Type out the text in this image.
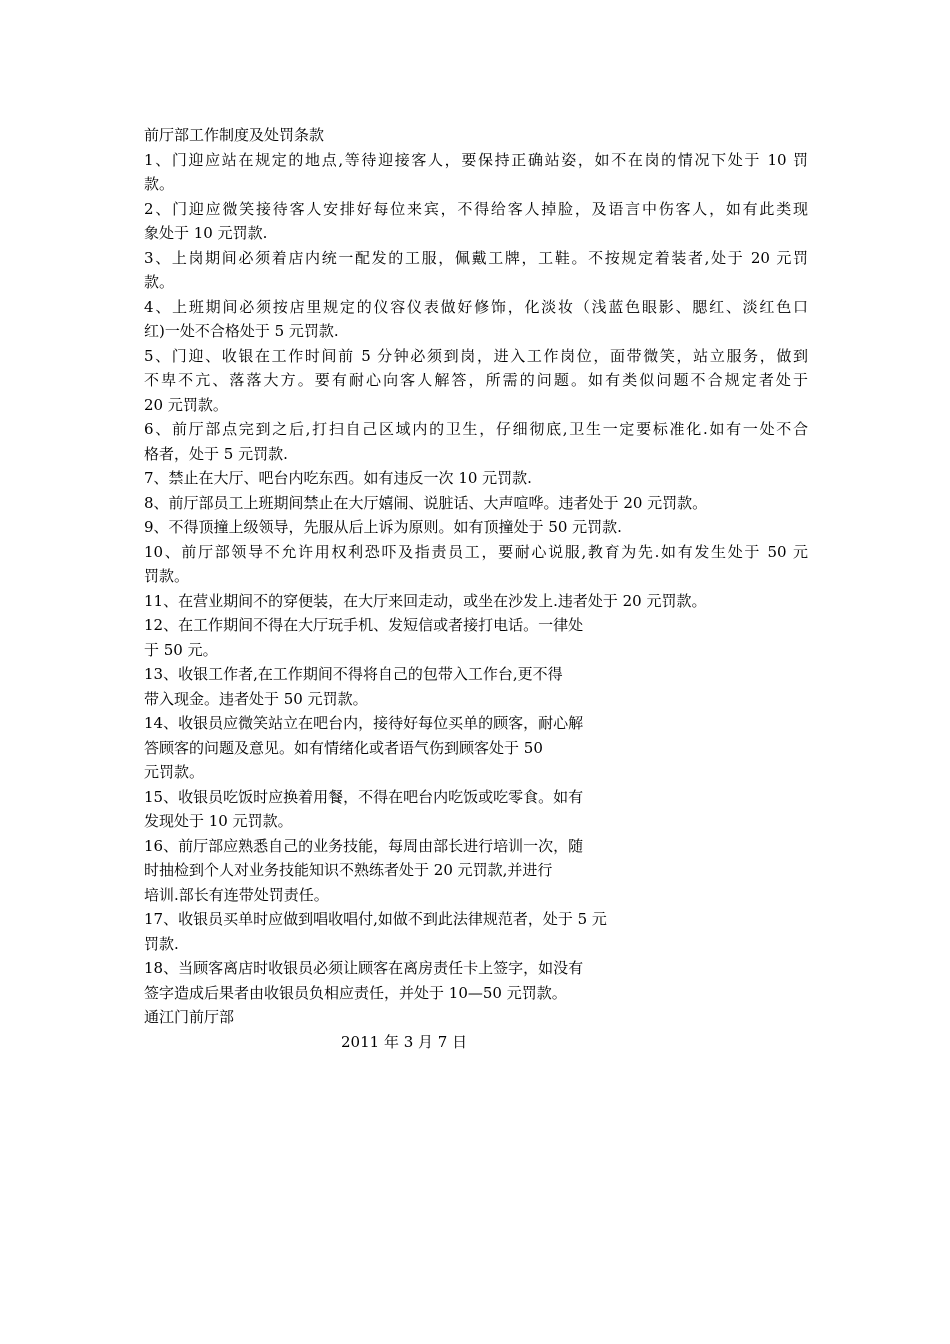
前厅部工作制度及处罚条款
1、门迎应站在规定的地点,等待迎接客人，要保持正确站姿，如不在岗的情况下处于 10 罚
款。
2、门迎应微笑接待客人安排好每位来宾，不得给客人掉脸，及语言中伤客人，如有此类现
象处于 10 元罚款.
3、上岗期间必须着店内统一配发的工服，佩戴工牌，工鞋。不按规定着装者,处于 20 元罚
款。
4、上班期间必须按店里规定的仪容仪表做好修饰，化淡妆（浅蓝色眼影、腮红、淡红色口
红)一处不合格处于 5 元罚款.
5、门迎、收银在工作时间前 5 分钟必须到岗，进入工作岗位，面带微笑，站立服务，做到
不卑不亢、落落大方。要有耐心向客人解答，所需的问题。如有类似问题不合规定者处于
20 元罚款。
6、前厅部点完到之后,打扫自己区域内的卫生，仔细彻底,卫生一定要标准化.如有一处不合
格者，处于 5 元罚款.
7、禁止在大厅、吧台内吃东西。如有违反一次 10 元罚款.
8、前厅部员工上班期间禁止在大厅嬉闹、说脏话、大声喧哗。违者处于 20 元罚款。
9、不得顶撞上级领导，先服从后上诉为原则。如有顶撞处于 50 元罚款.
10、前厅部领导不允许用权利恐吓及指责员工，要耐心说服,教育为先.如有发生处于 50 元
罚款。
11、在营业期间不的穿便装，在大厅来回走动，或坐在沙发上.违者处于 20 元罚款。
12、在工作期间不得在大厅玩手机、发短信或者接打电话。一律处
于 50 元。
13、收银工作者,在工作期间不得将自己的包带入工作台,更不得
带入现金。违者处于 50 元罚款。
14、收银员应微笑站立在吧台内，接待好每位买单的顾客，耐心解
答顾客的问题及意见。如有情绪化或者语气伤到顾客处于 50
元罚款。
15、收银员吃饭时应换着用餐，不得在吧台内吃饭或吃零食。如有
发现处于 10 元罚款。
16、前厅部应熟悉自己的业务技能，每周由部长进行培训一次，随
时抽检到个人对业务技能知识不熟练者处于 20 元罚款,并进行
培训.部长有连带处罚责任。
17、收银员买单时应做到唱收唱付,如做不到此法律规范者，处于 5 元
罚款.
18、当顾客离店时收银员必须让顾客在离房责任卡上签字，如没有
签字造成后果者由收银员负相应责任，并处于 10—50 元罚款。
通江门前厅部
2011 年 3 月 7 日
